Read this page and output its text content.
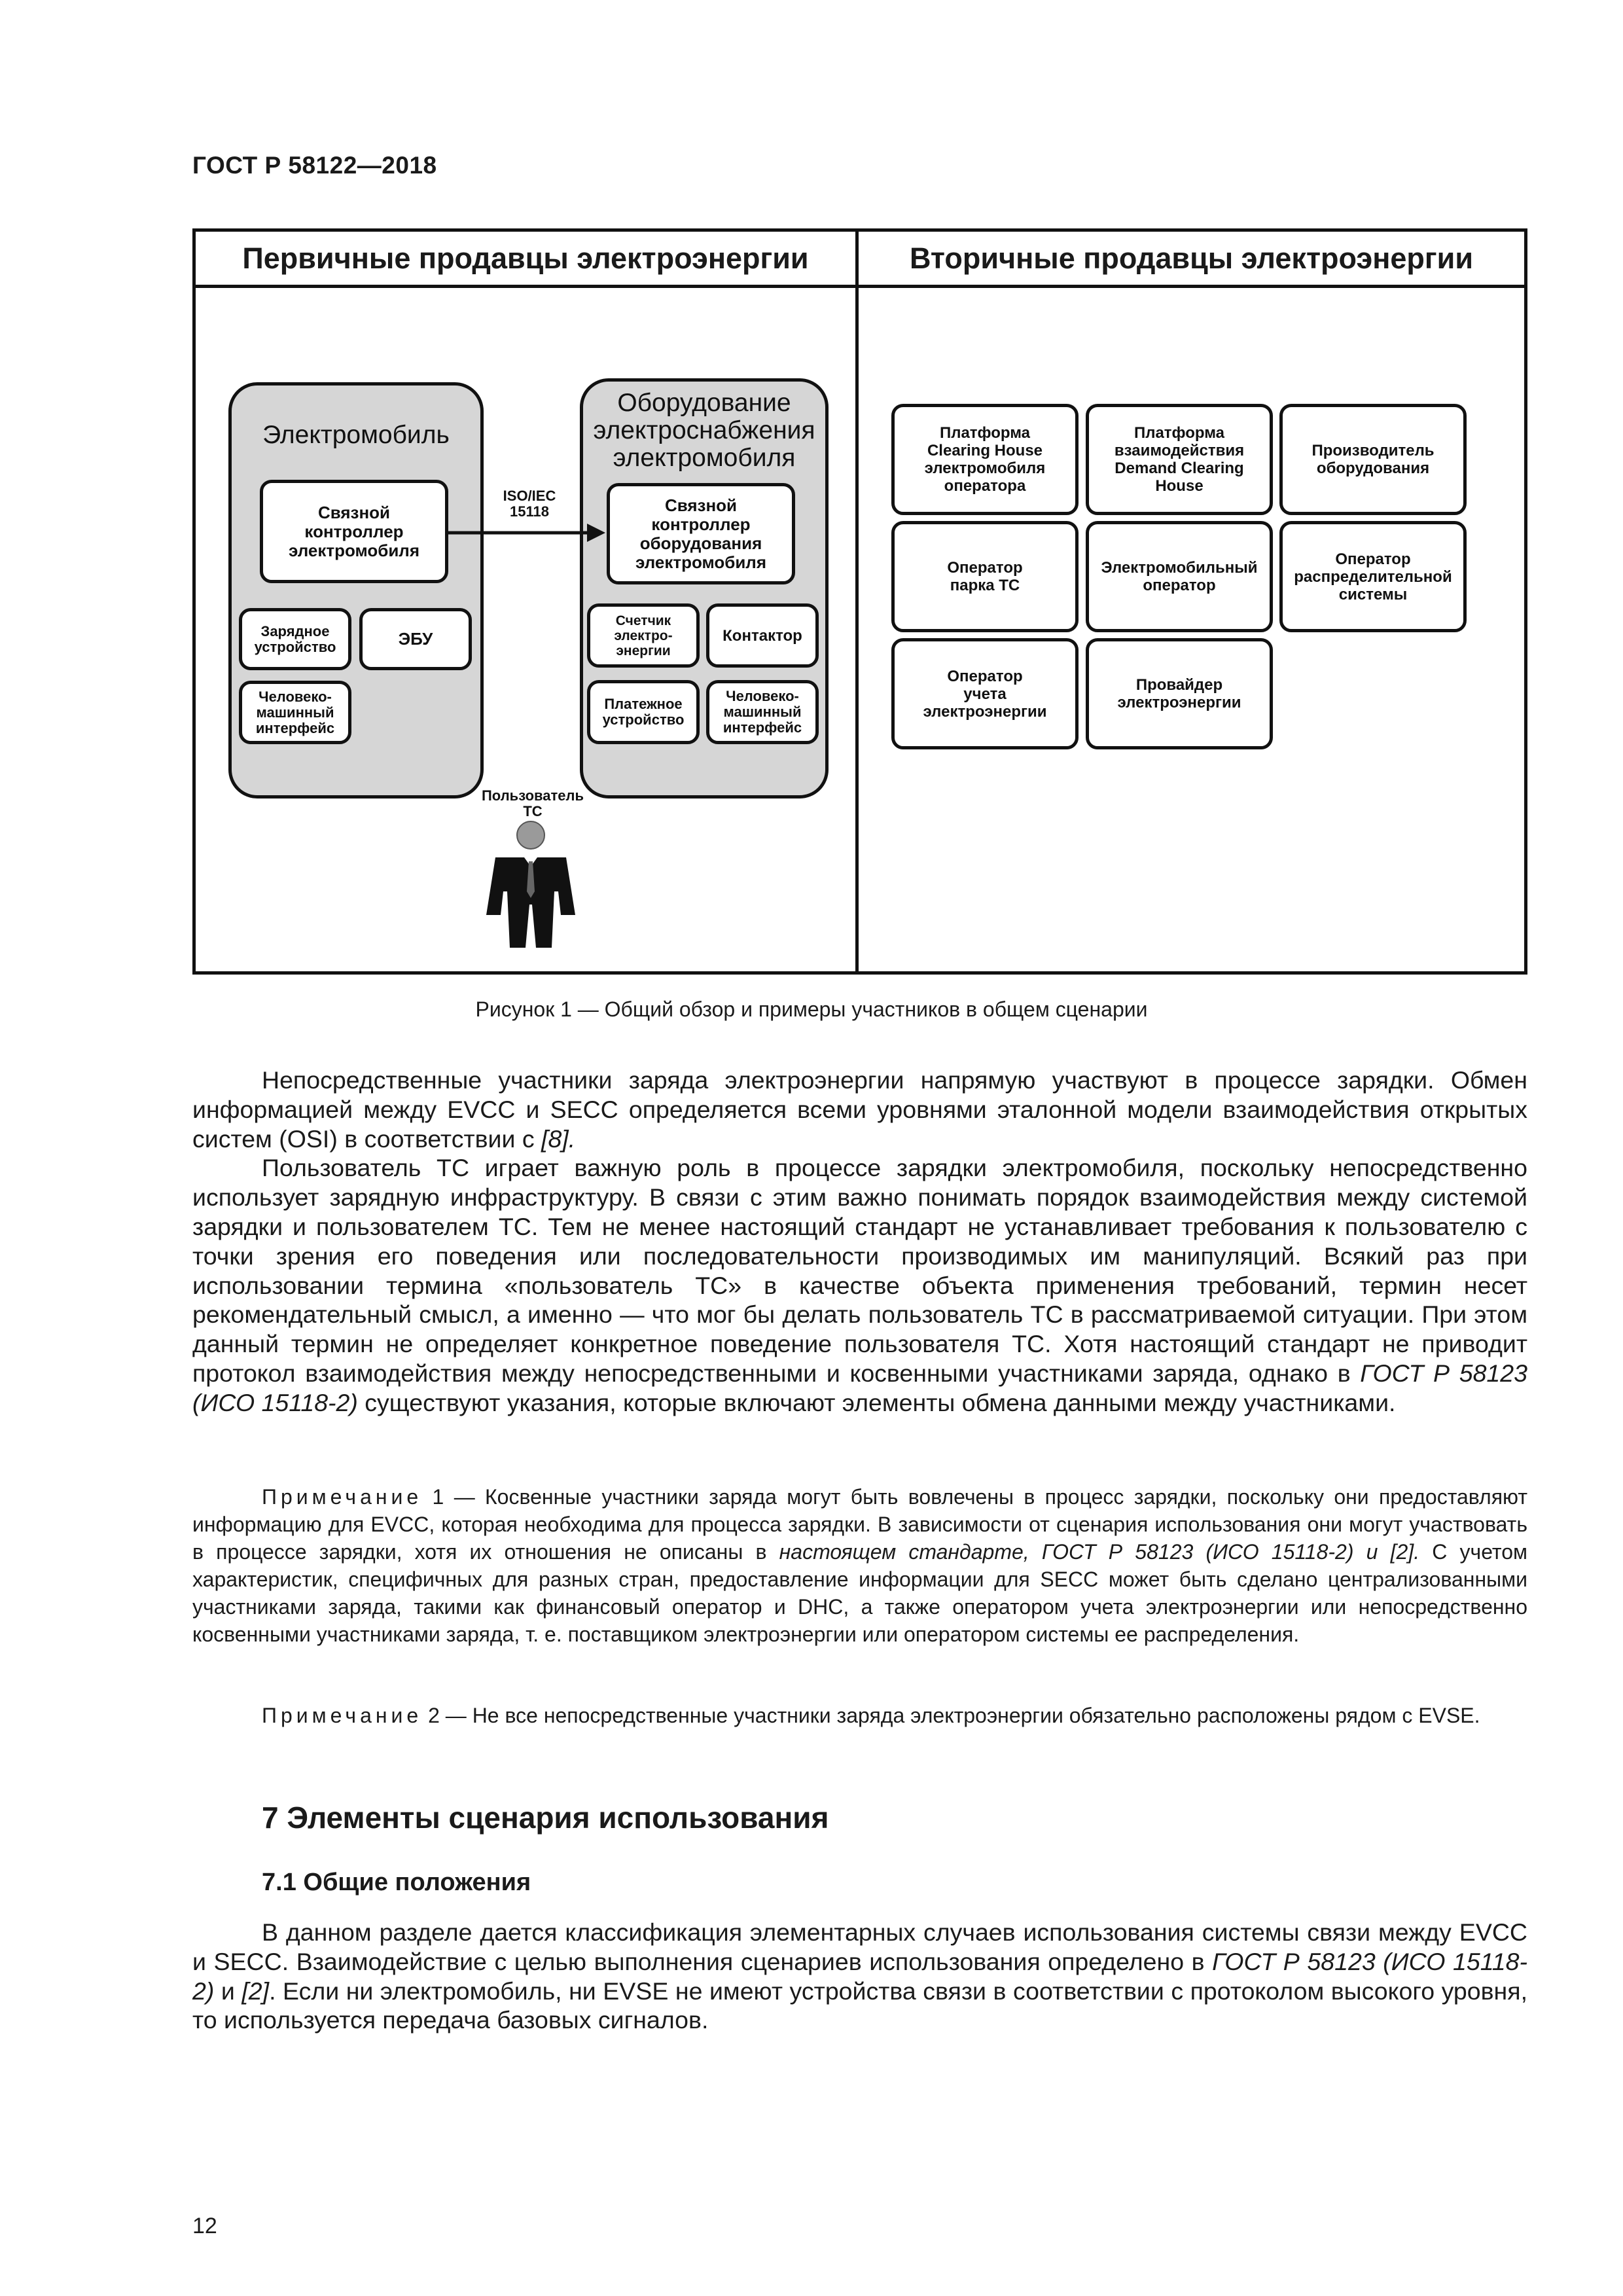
ГОСТ Р 58122—2018
Первичные продавцы электроэнергии	Вторичные продавцы электроэнергии
Электромобиль
Связной
контроллер
электромобиля
Зарядное
устройство	ЭБУ
Человеко-
машинный
интерфейс
Оборудование
электроснабжения
электромобиля
Связной
контроллер
оборудования
электромобиля
Счетчик
электро-
энергии
Контактор
Платежное
устройство
Человеко-
машинный
интерфейс
ISO/IEC
15118
Пользователь
ТС
Платформа
Clearing House
электромобиля
оператора
Платформа
взаимодействия
Demand Clearing
House
Производитель
оборудования
Оператор
парка ТС
Электромобильный
оператор
Оператор
распределительной
системы
Оператор
учета
электроэнергии
Провайдер
электроэнергии
Рисунок 1 — Общий обзор и примеры участников в общем сценарии

Непосредственные участники заряда электроэнергии напрямую участвуют в процессе зарядки. Обмен информацией между EVCC и SECC определяется всеми уровнями эталонной модели взаимодействия открытых систем (OSI) в соответствии с [8].

Пользователь ТС играет важную роль в процессе зарядки электромобиля, поскольку непосредственно использует зарядную инфраструктуру. В связи с этим важно понимать порядок взаимодействия между системой зарядки и пользователем ТС. Тем не менее настоящий стандарт не устанавливает требования к пользователю с точки зрения его поведения или последовательности производимых им манипуляций. Всякий раз при использовании термина «пользователь ТС» в качестве объекта применения требований, термин несет рекомендательный смысл, а именно — что мог бы делать пользователь ТС в рассматриваемой ситуации. При этом данный термин не определяет конкретное поведение пользователя ТС. Хотя настоящий стандарт не приводит протокол взаимодействия между непосредственными и косвенными участниками заряда, однако в ГОСТ Р 58123 (ИСО 15118-2) существуют указания, которые включают элементы обмена данными между участниками.

Примечание 1 — Косвенные участники заряда могут быть вовлечены в процесс зарядки, поскольку они предоставляют информацию для EVCC, которая необходима для процесса зарядки. В зависимости от сценария использования они могут участвовать в процессе зарядки, хотя их отношения не описаны в настоящем стандарте, ГОСТ Р 58123 (ИСО 15118-2) и [2]. С учетом характеристик, специфичных для разных стран, предоставление информации для SECC может быть сделано централизованными участниками заряда, такими как финансовый оператор и DHC, а также оператором учета электроэнергии или непосредственно косвенными участниками заряда, т. е. поставщиком электроэнергии или оператором системы ее распределения.

Примечание 2 — Не все непосредственные участники заряда электроэнергии обязательно расположены рядом с EVSE.

7 Элементы сценария использования
7.1 Общие положения

В данном разделе дается классификация элементарных случаев использования системы связи между EVCC и SECC. Взаимодействие с целью выполнения сценариев использования определено в ГОСТ Р 58123 (ИСО 15118-2) и [2]. Если ни электромобиль, ни EVSE не имеют устройства связи в соответствии с протоколом высокого уровня, то используется передача базовых сигналов.

12
